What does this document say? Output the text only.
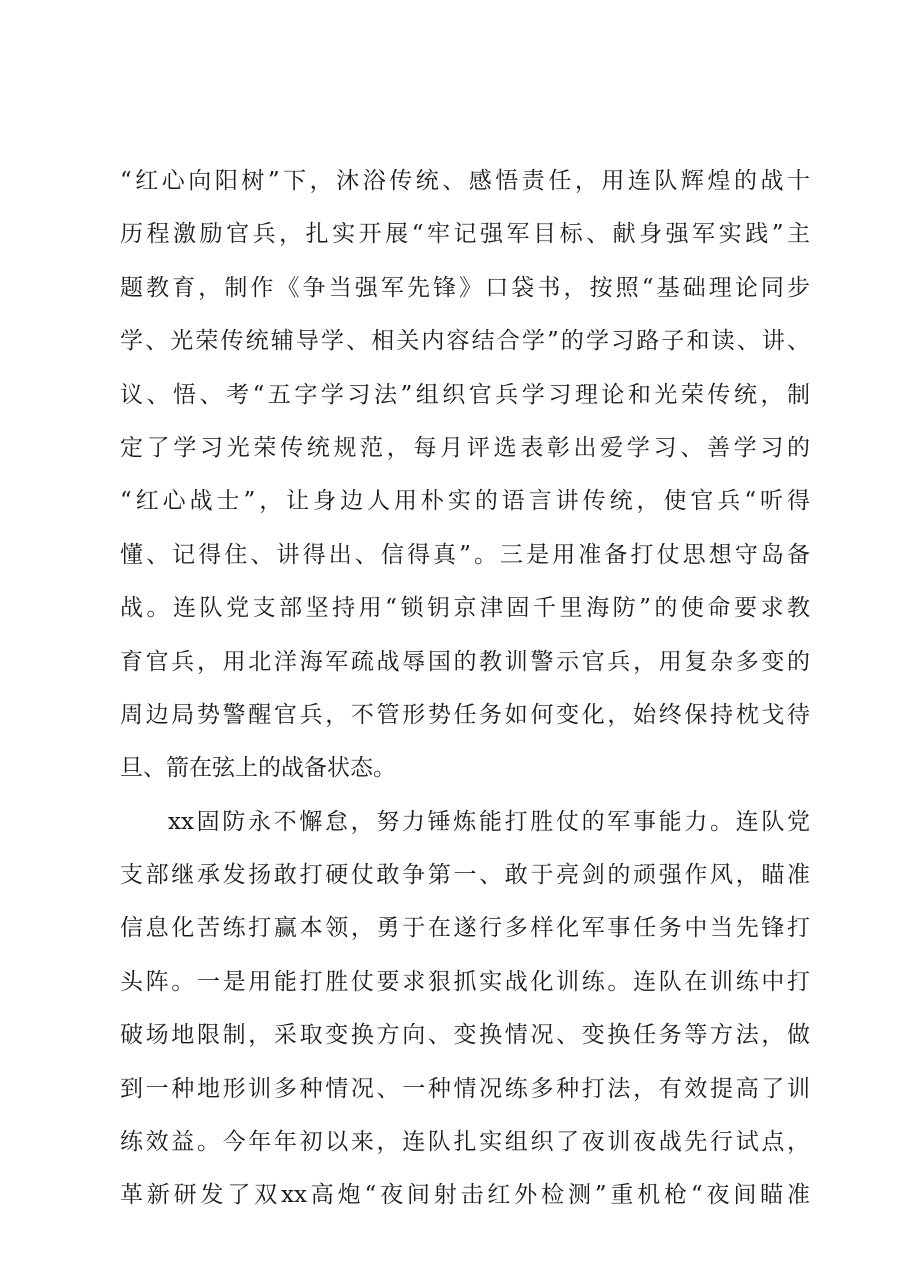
“红心向阳树”下，沐浴传统、感悟责任，用连队辉煌的战十
历程激励官兵，扎实开展“牢记强军目标、献身强军实践”主
题教育，制作《争当强军先锋》口袋书，按照“基础理论同步
学、光荣传统辅导学、相关内容结合学”的学习路子和读、讲、
议、悟、考“五字学习法”组织官兵学习理论和光荣传统，制
定了学习光荣传统规范，每月评选表彰出爱学习、善学习的
“红心战士”，让身边人用朴实的语言讲传统，使官兵“听得
懂、记得住、讲得出、信得真”。三是用准备打仗思想守岛备
战。连队党支部坚持用“锁钥京津固千里海防”的使命要求教
育官兵，用北洋海军疏战辱国的教训警示官兵，用复杂多变的
周边局势警醒官兵，不管形势任务如何变化，始终保持枕戈待
旦、箭在弦上的战备状态。
xx固防永不懈怠，努力锤炼能打胜仗的军事能力。连队党
支部继承发扬敢打硬仗敢争第一、敢于亮剑的顽强作风，瞄准
信息化苦练打赢本领，勇于在遂行多样化军事任务中当先锋打
头阵。一是用能打胜仗要求狠抓实战化训练。连队在训练中打
破场地限制，采取变换方向、变换情况、变换任务等方法，做
到一种地形训多种情况、一种情况练多种打法，有效提高了训
练效益。今年年初以来，连队扎实组织了夜训夜战先行试点，
革新研发了双xx高炮“夜间射击红外检测”重机枪“夜间瞄准
